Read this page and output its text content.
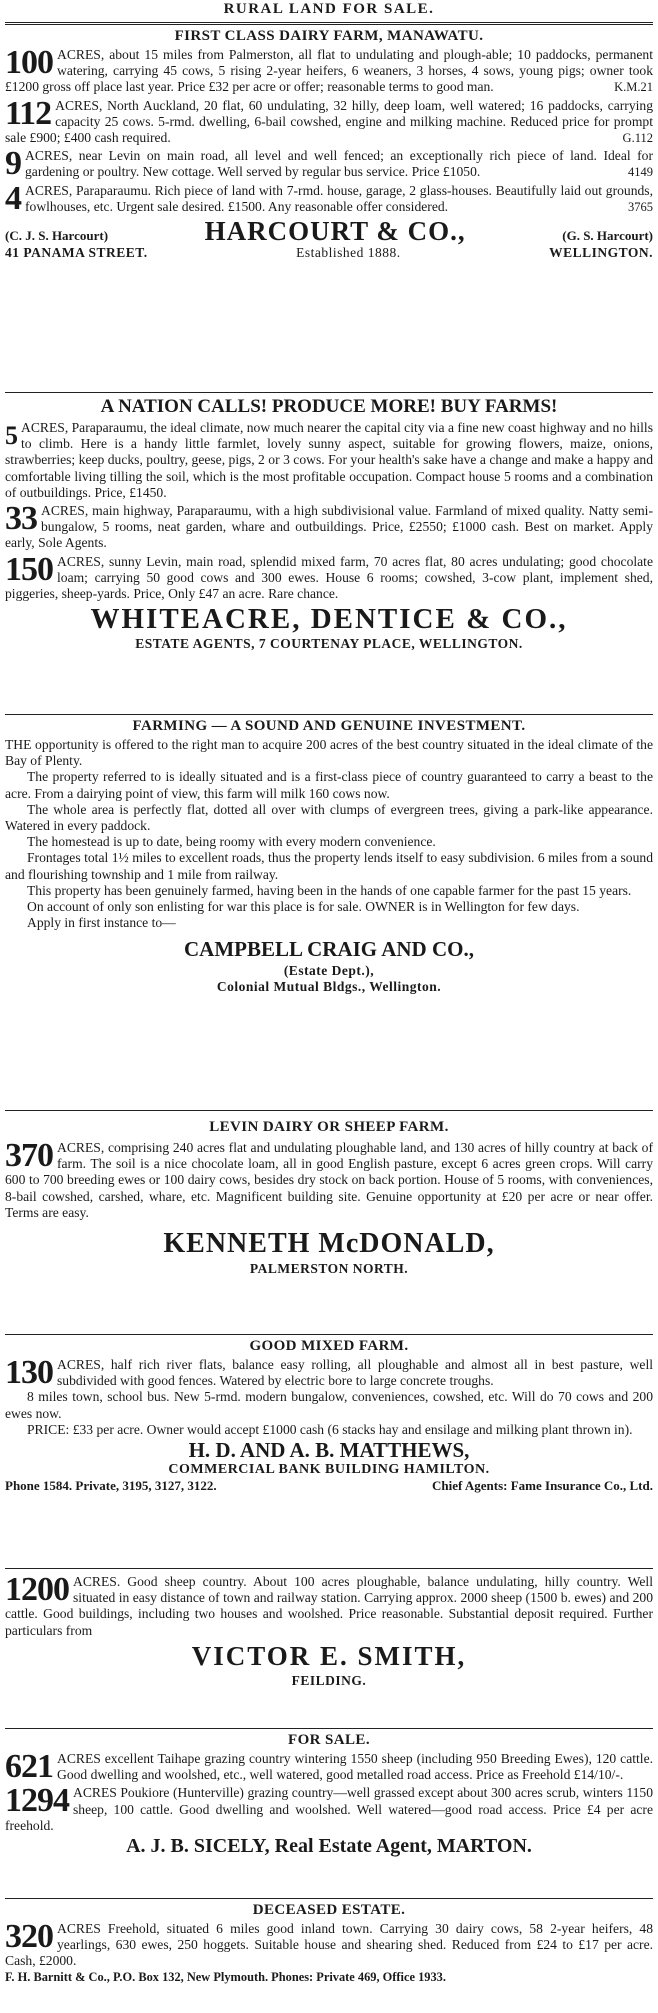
RURAL LAND FOR SALE.
FIRST CLASS DAIRY FARM, MANAWATU.

100 ACRES, about 15 miles from Palmerston, all flat to undulating and plough-able; 10 paddocks, permanent watering, carrying 45 cows, 5 rising 2-year heifers, 6 weaners, 3 horses, 4 sows, young pigs; owner took £1200 gross off place last year. Price £32 per acre or offer; reasonable terms to good man.	K.M.21

112 ACRES, North Auckland, 20 flat, 60 undulating, 32 hilly, deep loam, well watered; 16 paddocks, carrying capacity 25 cows. 5-rmd. dwelling, 6-bail cowshed, engine and milking machine. Reduced price for prompt sale £900; £400 cash required.	G.112

9 ACRES, near Levin on main road, all level and well fenced; an exceptionally rich piece of land. Ideal for gardening or poultry. New cottage. Well served by regular bus service. Price £1050.	4149

4 ACRES, Paraparaumu. Rich piece of land with 7-rmd. house, garage, 2 glass-houses. Beautifully laid out grounds, fowlhouses, etc. Urgent sale desired. £1500. Any reasonable offer considered.	3765

(C. J. S. Harcourt)	HARCOURT & CO.,	(G. S. Harcourt)
41 PANAMA STREET.	Established 1888.	WELLINGTON.
A NATION CALLS! PRODUCE MORE! BUY FARMS!

5 ACRES, Paraparaumu, the ideal climate, now much nearer the capital city via a fine new coast highway and no hills to climb. Here is a handy little farmlet, lovely sunny aspect, suitable for growing flowers, maize, onions, strawberries; keep ducks, poultry, geese, pigs, 2 or 3 cows. For your health's sake have a change and make a happy and comfortable living tilling the soil, which is the most profitable occupation. Compact house 5 rooms and a combination of outbuildings. Price, £1450.

33 ACRES, main highway, Paraparaumu, with a high subdivisional value. Farmland of mixed quality. Natty semi-bungalow, 5 rooms, neat garden, whare and outbuildings. Price, £2550; £1000 cash. Best on market. Apply early, Sole Agents.

150 ACRES, sunny Levin, main road, splendid mixed farm, 70 acres flat, 80 acres undulating; good chocolate loam; carrying 50 good cows and 300 ewes. House 6 rooms; cowshed, 3-cow plant, implement shed, piggeries, sheep-yards. Price, Only £47 an acre. Rare chance.

WHITEACRE, DENTICE & CO.,
ESTATE AGENTS, 7 COURTENAY PLACE, WELLINGTON.
FARMING — A SOUND AND GENUINE INVESTMENT.

THE opportunity is offered to the right man to acquire 200 acres of the best country situated in the ideal climate of the Bay of Plenty.

The property referred to is ideally situated and is a first-class piece of country guaranteed to carry a beast to the acre. From a dairying point of view, this farm will milk 160 cows now.

The whole area is perfectly flat, dotted all over with clumps of evergreen trees, giving a park-like appearance. Watered in every paddock.

The homestead is up to date, being roomy with every modern convenience.

Frontages total 1½ miles to excellent roads, thus the property lends itself to easy subdivision. 6 miles from a sound and flourishing township and 1 mile from railway.

This property has been genuinely farmed, having been in the hands of one capable farmer for the past 15 years.

On account of only son enlisting for war this place is for sale. OWNER is in Wellington for few days.

Apply in first instance to—

CAMPBELL CRAIG AND CO.,
(Estate Dept.),
Colonial Mutual Bldgs., Wellington.
LEVIN DAIRY OR SHEEP FARM.

370 ACRES, comprising 240 acres flat and undulating ploughable land, and 130 acres of hilly country at back of farm. The soil is a nice chocolate loam, all in good English pasture, except 6 acres green crops. Will carry 600 to 700 breeding ewes or 100 dairy cows, besides dry stock on back portion. House of 5 rooms, with conveniences, 8-bail cowshed, carshed, whare, etc. Magnificent building site. Genuine opportunity at £20 per acre or near offer. Terms are easy.

KENNETH McDONALD,
PALMERSTON NORTH.
GOOD MIXED FARM.

130 ACRES, half rich river flats, balance easy rolling, all ploughable and almost all in best pasture, well subdivided with good fences. Watered by electric bore to large concrete troughs.

8 miles town, school bus. New 5-rmd. modern bungalow, conveniences, cowshed, etc. Will do 70 cows and 200 ewes now.

PRICE: £33 per acre. Owner would accept £1000 cash (6 stacks hay and ensilage and milking plant thrown in).

H. D. AND A. B. MATTHEWS,
COMMERCIAL BANK BUILDING HAMILTON.
Phone 1584. Private, 3195, 3127, 3122.	Chief Agents: Fame Insurance Co., Ltd.

1200 ACRES. Good sheep country. About 100 acres ploughable, balance undulating, hilly country. Well situated in easy distance of town and railway station. Carrying approx. 2000 sheep (1500 b. ewes) and 200 cattle. Good buildings, including two houses and woolshed. Price reasonable. Substantial deposit required. Further particulars from

VICTOR E. SMITH,
FEILDING.
FOR SALE.

621 ACRES excellent Taihape grazing country wintering 1550 sheep (including 950 Breeding Ewes), 120 cattle. Good dwelling and woolshed, etc., well watered, good metalled road access. Price as Freehold £14/10/-.

1294 ACRES Poukiore (Hunterville) grazing country—well grassed except about 300 acres scrub, winters 1150 sheep, 100 cattle. Good dwelling and woolshed. Well watered—good road access. Price £4 per acre freehold.

A. J. B. SICELY, Real Estate Agent, MARTON.
DECEASED ESTATE.

320 ACRES Freehold, situated 6 miles good inland town. Carrying 30 dairy cows, 58 2-year heifers, 48 yearlings, 630 ewes, 250 hoggets. Suitable house and shearing shed. Reduced from £24 to £17 per acre. Cash, £2000.

F. H. Barnitt & Co., P.O. Box 132, New Plymouth. Phones: Private 469, Office 1933.
